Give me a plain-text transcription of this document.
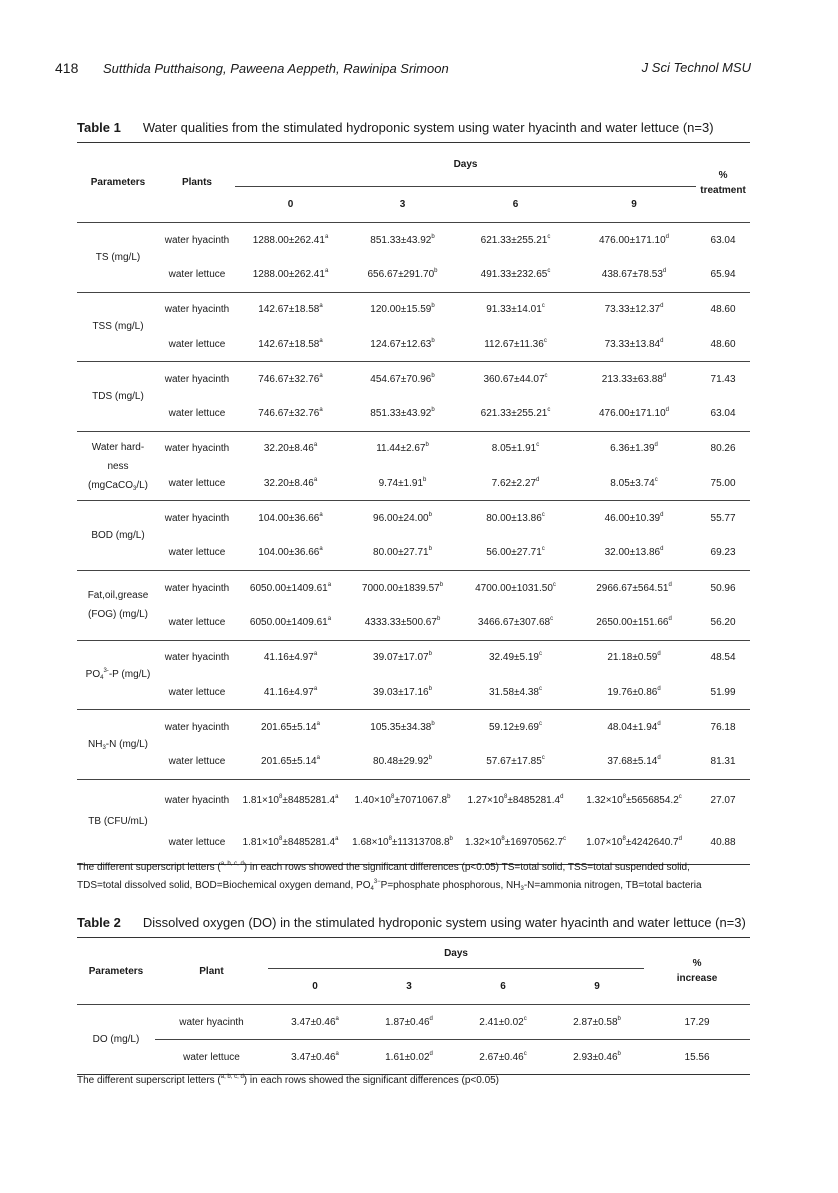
418 Sutthida Putthaisong, Paweena Aeppeth, Rawinipa Srimoon	J Sci Technol MSU
Table 1 Water qualities from the stimulated hydroponic system using water hyacinth and water lettuce (n=3)
Parameters	Plants	Days				%
treatment
		0	3	6	9	
TS (mg/L)	water hyacinth	1288.00±262.41$^a$	851.33±43.92$^b$	621.33±255.21$^c$	476.00±171.10$^d$	63.04
	water lettuce	1288.00±262.41$^a$	656.67±291.70$^b$	491.33±232.65$^c$	438.67±78.53$^d$	65.94
TSS (mg/L)	water hyacinth	142.67±18.58$^a$	120.00±15.59$^b$	91.33±14.01$^c$	73.33±12.37$^d$	48.60
	water lettuce	142.67±18.58$^a$	124.67±12.63$^b$	112.67±11.36$^c$	73.33±13.84$^d$	48.60
TDS (mg/L)	water hyacinth	746.67±32.76$^a$	454.67±70.96$^b$	360.67±44.07$^c$	213.33±63.88$^d$	71.43
	water lettuce	746.67±32.76$^a$	851.33±43.92$^b$	621.33±255.21$^c$	476.00±171.10$^d$	63.04
Water hard-
ness
(mgCaCO$_3$/L)	water hyacinth	32.20±8.46$^a$	11.44±2.67$^b$	8.05±1.91$^c$	6.36±1.39$^d$	80.26
	water lettuce	32.20±8.46$^a$	9.74±1.91$^b$	7.62±2.27$^d$	8.05±3.74$^c$	75.00
BOD (mg/L)	water hyacinth	104.00±36.66$^a$	96.00±24.00$^b$	80.00±13.86$^c$	46.00±10.39$^d$	55.77
	water lettuce	104.00±36.66$^a$	80.00±27.71$^b$	56.00±27.71$^c$	32.00±13.86$^d$	69.23
Fat,oil,grease
(FOG) (mg/L)	water hyacinth	6050.00±1409.61$^a$	7000.00±1839.57$^b$	4700.00±1031.50$^c$	2966.67±564.51$^d$	50.96
	water lettuce	6050.00±1409.61$^a$	4333.33±500.67$^b$	3466.67±307.68$^c$	2650.00±151.66$^d$	56.20
$PO_4^{3-}-P$ (mg/L)	water hyacinth	41.16±4.97$^a$	39.07±17.07$^b$	32.49±5.19$^c$	21.18±0.59$^d$	48.54
	water lettuce	41.16±4.97$^a$	39.03±17.16$^b$	31.58±4.38$^c$	19.76±0.86$^d$	51.99
$NH_3-N$ (mg/L)	water hyacinth	201.65±5.14$^a$	105.35±34.38$^b$	59.12±9.69$^c$	48.04±1.94$^d$	76.18
	water lettuce	201.65±5.14$^a$	80.48±29.92$^b$	57.67±17.85$^c$	37.68±5.14$^d$	81.31
TB (CFU/mL)	water hyacinth	$1.81\times 10^8\pm 8485281.4^a$	$1.40\times 10^8\pm 7071067.8^b$	$1.27\times 10^8\pm 8485281.4^d$	$1.32\times 10^8\pm 5656854.2^c$	27.07
	water lettuce	$1.81\times 10^8\pm 8485281.4^a$	$1.68\times 10^8\pm 11313708.8^b$	$1.32\times 10^8\pm 16970562.7^c$	$1.07\times 10^8\pm 4242640.7^d$	40.88
The different superscript letters ($^{a, b, c, d}$) in each rows showed the significant differences (p<0.05) TS=total solid, TSS=total suspended solid,
TDS=total dissolved solid, BOD=Biochemical oxygen demand, $PO_4^{3-}P=phosphate$ phosphorous, $NH_3-N=ammonia$ nitrogen, TB=total bacteria
Table 2 Dissolved oxygen (DO) in the stimulated hydroponic system using water hyacinth and water lettuce (n=3)
Parameters	Plant	Days				%
increase
		0	3	6	9	
DO (mg/L)	water hyacinth	3.47±0.46$^a$	1.87±0.46$^d$	2.41±0.02$^c$	2.87±0.58$^b$	17.29
	water lettuce	3.47±0.46$^a$	1.61±0.02$^d$	2.67±0.46$^c$	2.93±0.46$^b$	15.56
The different superscript letters ($^{a, b, c, d}$) in each rows showed the significant differences (p<0.05)
